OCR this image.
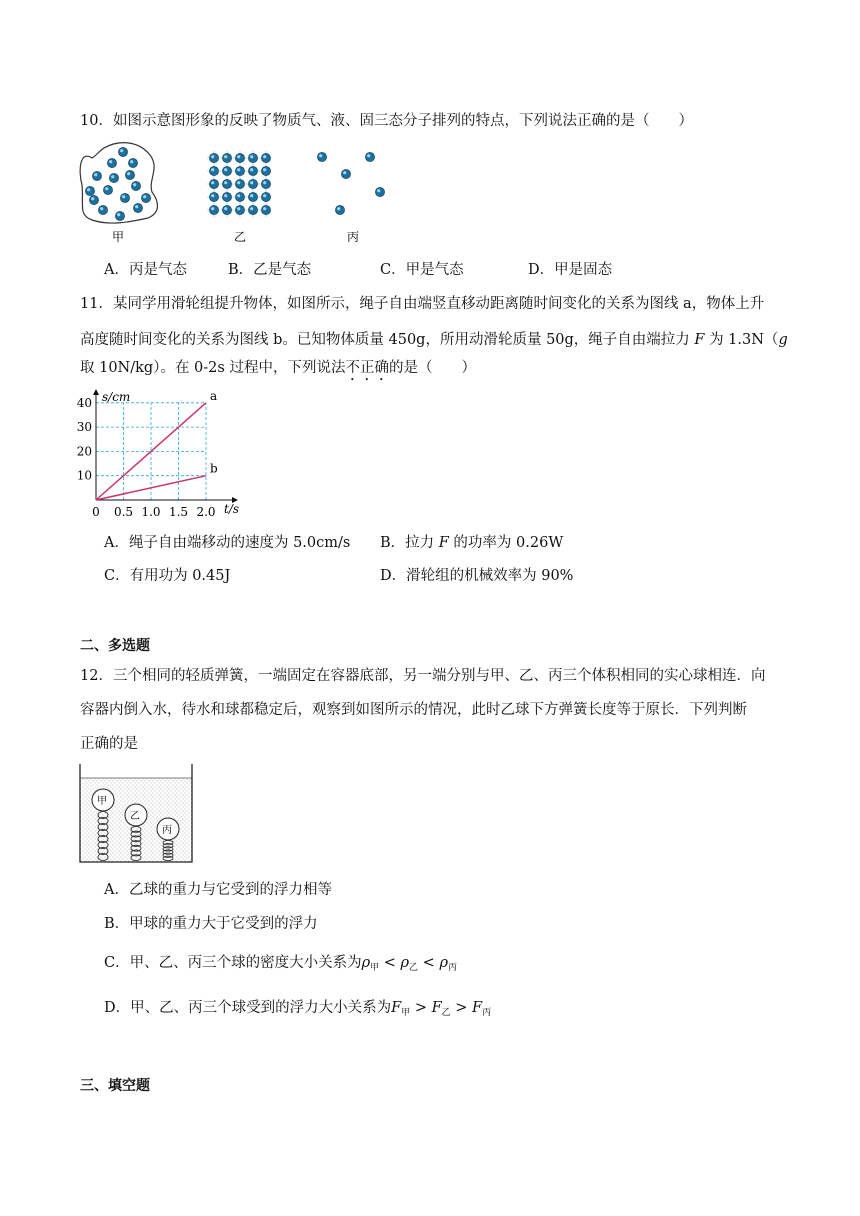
10．如图示意图形象的反映了物质气、液、固三态分子排列的特点，下列说法正确的是（　　）
甲	乙	丙
A．丙是气态	B．乙是气态	C．甲是气态	D．甲是固态
11．某同学用滑轮组提升物体，如图所示，绳子自由端竖直移动距离随时间变化的关系为图线 a，物体上升
高度随时间变化的关系为图线 b。已知物体质量 450g，所用动滑轮质量 50g，绳子自由端拉力 F 为 1.3N（g
取 10N/kg）。在 0-2s 过程中，下列说法不正确的是（　　）
s/cm
t/s
10
20
30
40
0.5 1.0 1.5 2.0
0
a
b
A．绳子自由端移动的速度为 5.0cm/s B．拉力 F 的功率为 0.26W
C．有用功为 0.45J	D．滑轮组的机械效率为 90%
二、多选题
12．三个相同的轻质弹簧，一端固定在容器底部，另一端分别与甲、乙、丙三个体积相同的实心球相连．向
容器内倒入水，待水和球都稳定后，观察到如图所示的情况，此时乙球下方弹簧长度等于原长．下列判断
正确的是
甲
乙
丙
A．乙球的重力与它受到的浮力相等
B．甲球的重力大于它受到的浮力
C．甲、乙、丙三个球的密度大小关系为$\rho_甲 < \rho_乙 < \rho_丙$
D．甲、乙、丙三个球受到的浮力大小关系为$F_甲 > F_乙 > F_丙$
三、填空题
